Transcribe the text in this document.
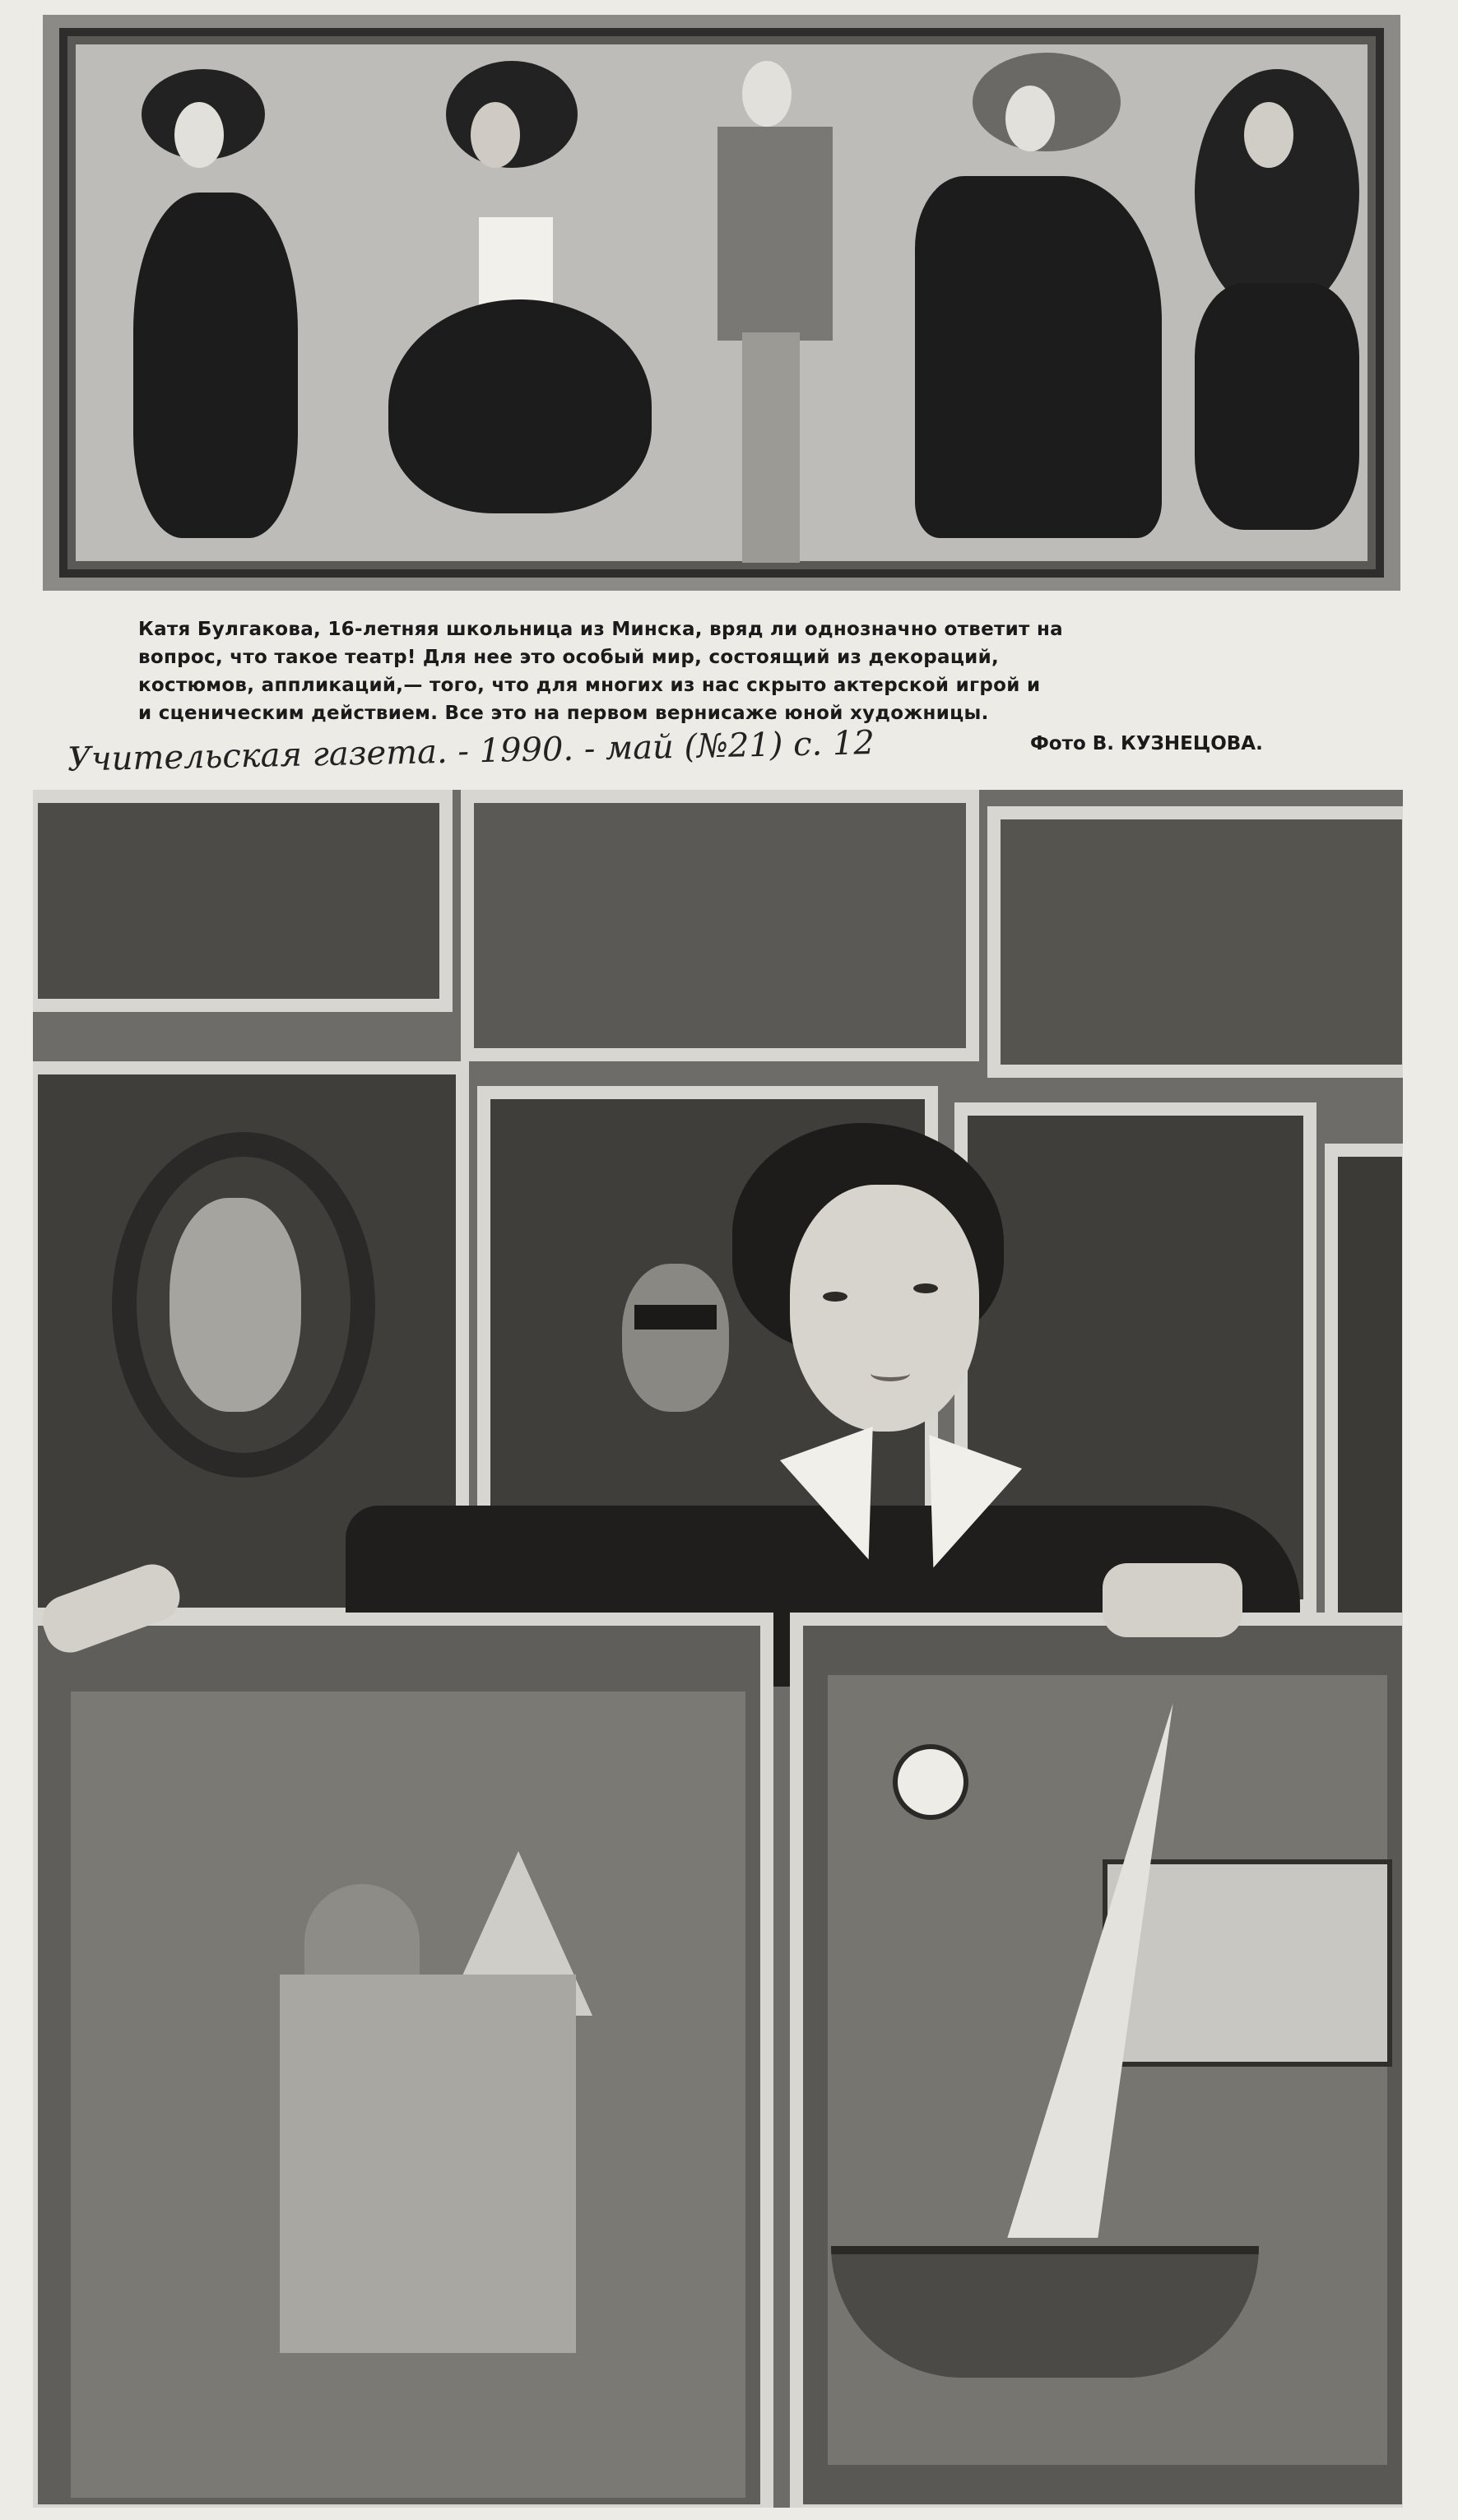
Катя Булгакова, 16-летняя школьница из Минска, вряд ли однозначно ответит на

вопрос, что такое театр! Для нее это особый мир, состоящий из декораций,

костюмов, аппликаций,— того, что для многих из нас скрыто актерской игрой и

и сценическим действием. Все это на первом вернисаже юной художницы.

Учительская газета. - 1990. - май (№21) с. 12	Фото В. КУЗНЕЦОВА.
